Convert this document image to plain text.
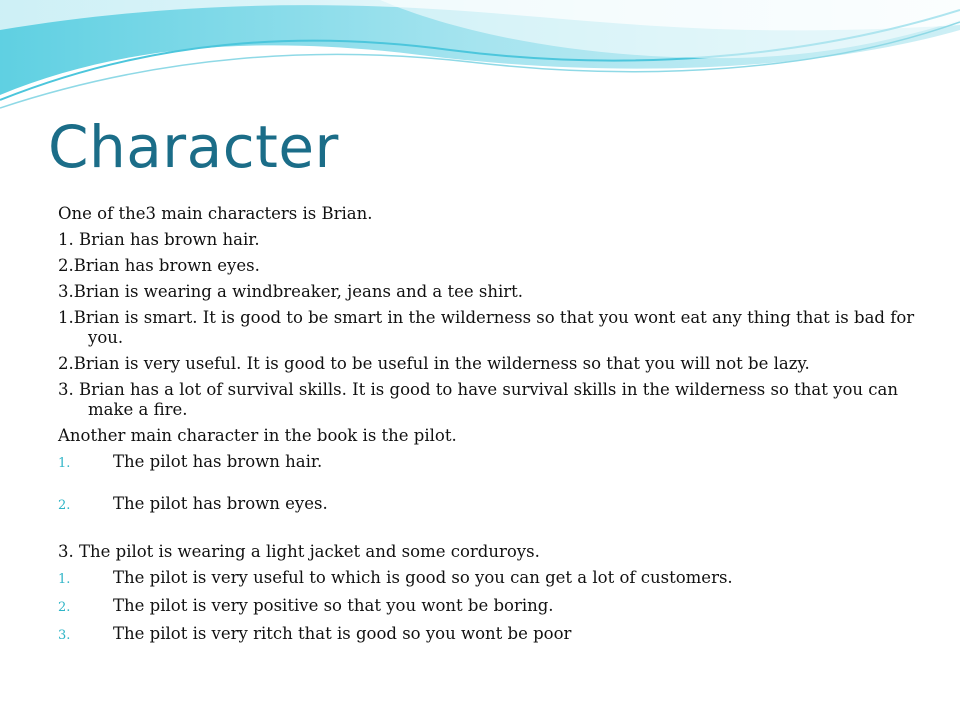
Character

One of the3 main characters is Brian.

1. Brian has brown hair.

2.Brian has brown eyes.

3.Brian is wearing a windbreaker, jeans and a tee shirt.

1.Brian is smart. It is good to be smart in the wilderness so that you wont eat any thing that is bad for you.

2.Brian is very useful. It is good to be useful in the wilderness so that you will not be lazy.

3. Brian has a lot of survival skills. It is good to have survival skills in the wilderness so that you can make a fire.

Another main character in the book is the pilot.

1.	The pilot has brown hair.
2.	The pilot has brown eyes.

3. The pilot is wearing a light jacket and some corduroys.

1.	The pilot is very useful to which is good so you can get a lot of customers.
2.	The pilot is very positive so that you wont be boring.
3.	The pilot is very ritch that is good so you wont be poor
